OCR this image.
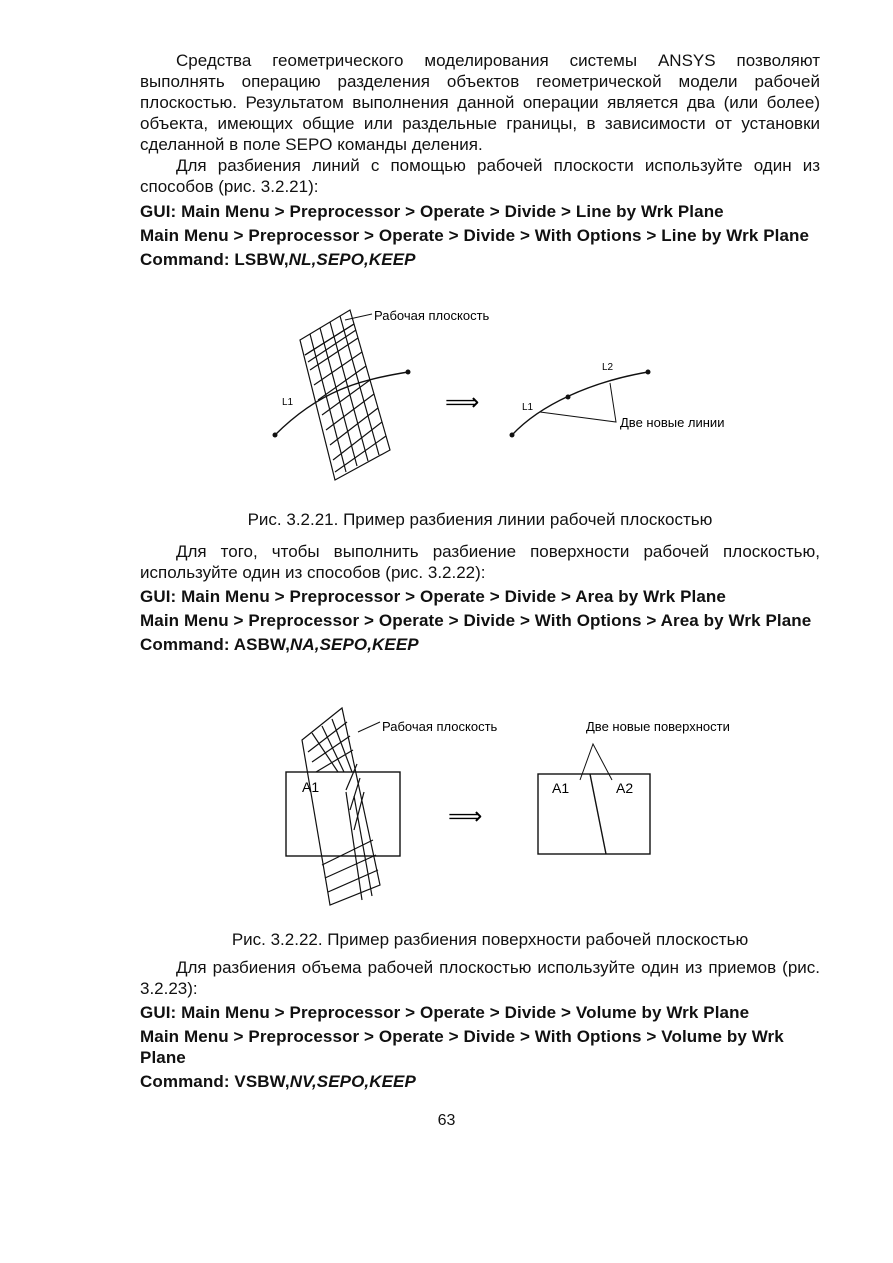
Средства геометрического моделирования системы ANSYS позволяют выполнять операцию разделения объектов геометрической модели рабочей плоскостью. Результатом выполнения данной операции является два (или более) объекта, имеющих общие или раздельные границы, в зависимости от установки сделанной в поле SEPO команды деления.

Для разбиения линий с помощью рабочей плоскости используйте один из способов (рис. 3.2.21):

GUI: Main Menu > Preprocessor > Operate > Divide > Line by Wrk Plane

Main Menu > Preprocessor > Operate > Divide > With Options > Line by Wrk Plane

Command: LSBW,NL,SEPO,KEEP

L1
Рабочая плоскость
⟹	L1
L2
Две новые линии
Рис. 3.2.21. Пример разбиения линии рабочей плоскостью

Для того, чтобы выполнить разбиение поверхности рабочей плоскостью, используйте один из способов (рис. 3.2.22):

GUI: Main Menu > Preprocessor > Operate > Divide > Area by Wrk Plane

Main Menu > Preprocessor > Operate > Divide > With Options > Area by Wrk Plane

Command: ASBW,NA,SEPO,KEEP

A1
Рабочая плоскость
⟹
A1	A2
Две новые поверхности
Рис. 3.2.22. Пример разбиения поверхности рабочей плоскостью

Для разбиения объема рабочей плоскостью используйте один из приемов (рис. 3.2.23):

GUI: Main Menu > Preprocessor > Operate > Divide > Volume by Wrk Plane

Main Menu > Preprocessor > Operate > Divide > With Options > Volume by Wrk Plane

Command: VSBW,NV,SEPO,KEEP

63
